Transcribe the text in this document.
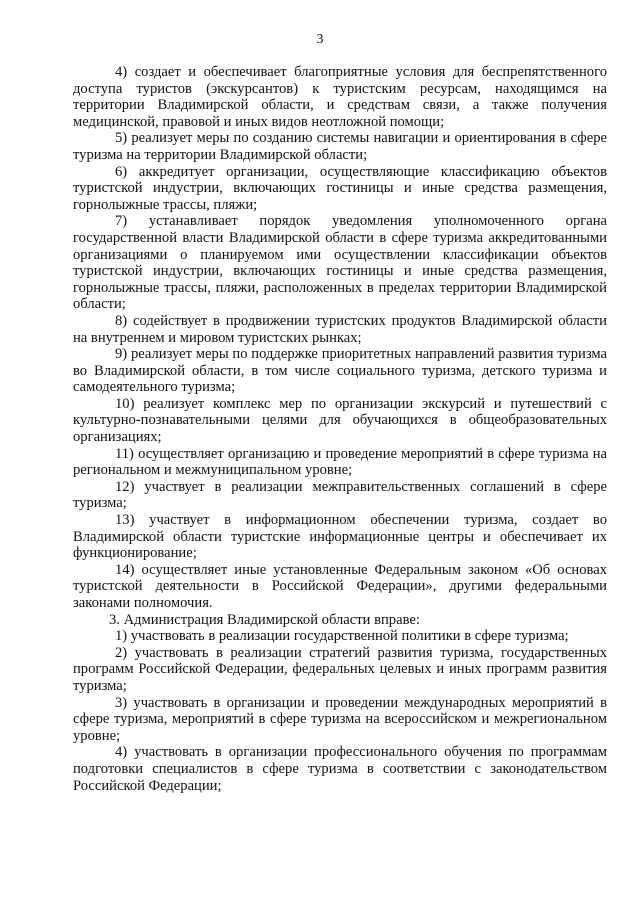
3

4) создает и обеспечивает благоприятные условия для беспрепятственного доступа туристов (экскурсантов) к туристским ресурсам, находящимся на территории Владимирской области, и средствам связи, а также получения медицинской, правовой и иных видов неотложной помощи;

5) реализует меры по созданию системы навигации и ориентирования в сфере туризма на территории Владимирской области;

6) аккредитует организации, осуществляющие классификацию объектов туристской индустрии, включающих гостиницы и иные средства размещения, горнолыжные трассы, пляжи;

7) устанавливает порядок уведомления уполномоченного органа государственной власти Владимирской области в сфере туризма аккредитованными организациями о планируемом ими осуществлении классификации объектов туристской индустрии, включающих гостиницы и иные средства размещения, горнолыжные трассы, пляжи, расположенных в пределах территории Владимирской области;

8) содействует в продвижении туристских продуктов Владимирской области на внутреннем и мировом туристских рынках;

9) реализует меры по поддержке приоритетных направлений развития туризма во Владимирской области, в том числе социального туризма, детского туризма и самодеятельного туризма;

10) реализует комплекс мер по организации экскурсий и путешествий с культурно-познавательными целями для обучающихся в общеобразовательных организациях;

11) осуществляет организацию и проведение мероприятий в сфере туризма на региональном и межмуниципальном уровне;

12) участвует в реализации межправительственных соглашений в сфере туризма;

13) участвует в информационном обеспечении туризма, создает во Владимирской области туристские информационные центры и обеспечивает их функционирование;

14) осуществляет иные установленные Федеральным законом «Об основах туристской деятельности в Российской Федерации», другими федеральными законами полномочия.

3. Администрация Владимирской области вправе:

1) участвовать в реализации государственной политики в сфере туризма;

2) участвовать в реализации стратегий развития туризма, государственных программ Российской Федерации, федеральных целевых и иных программ развития туризма;

3) участвовать в организации и проведении международных мероприятий в сфере туризма, мероприятий в сфере туризма на всероссийском и межрегиональном уровне;

4) участвовать в организации профессионального обучения по программам подготовки специалистов в сфере туризма в соответствии с законодательством Российской Федерации;
